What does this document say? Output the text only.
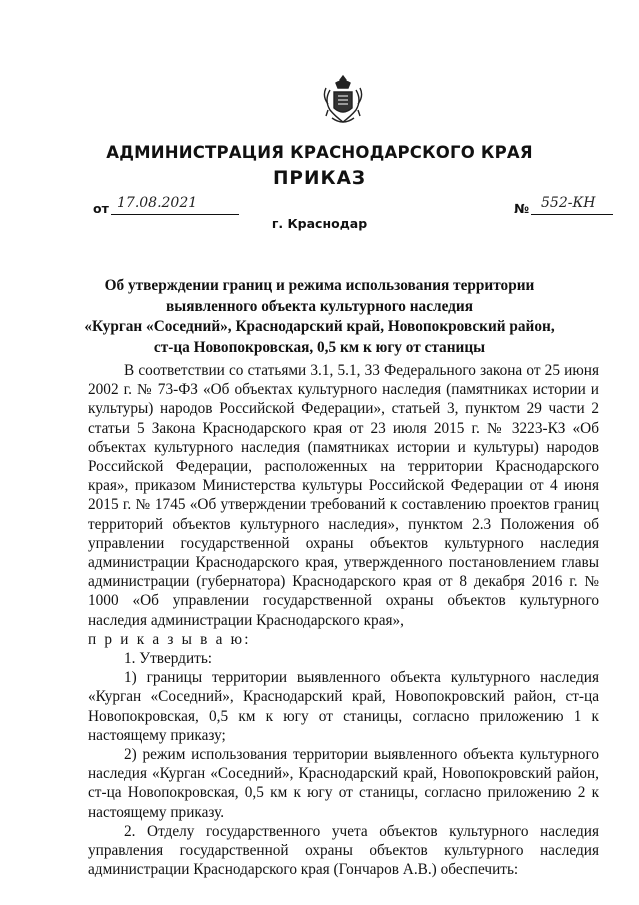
АДМИНИСТРАЦИЯ КРАСНОДАРСКОГО КРАЯ
ПРИКАЗ
от 17.08.2021	№ 552-КН
г. Краснодар
Об утверждении границ и режима использования территории
выявленного объекта культурного наследия
«Курган «Соседний», Краснодарский край, Новопокровский район,
ст-ца Новопокровская, 0,5 км к югу от станицы

В соответствии со статьями 3.1, 5.1, 33 Федерального закона от 25 июня 2002 г. № 73-ФЗ «Об объектах культурного наследия (памятниках истории и культуры) народов Российской Федерации», статьей 3, пунктом 29 части 2 статьи 5 Закона Краснодарского края от 23 июля 2015 г. № 3223-КЗ «Об объектах культурного наследия (памятниках истории и культуры) народов Российской Федерации, расположенных на территории Краснодарского края», приказом Министерства культуры Российской Федерации от 4 июня 2015 г. № 1745 «Об утверждении требований к составлению проектов границ территорий объектов культурного наследия», пунктом 2.3 Положения об управлении государственной охраны объектов культурного наследия администрации Краснодарского края, утвержденного постановлением главы администрации (губернатора) Краснодарского края от 8 декабря 2016 г. № 1000 «Об управлении государственной охраны объектов культурного наследия администрации Краснодарского края»,

п р и к а з ы в а ю:

1. Утвердить:

1) границы территории выявленного объекта культурного наследия «Курган «Соседний», Краснодарский край, Новопокровский район, ст-ца Новопокровская, 0,5 км к югу от станицы, согласно приложению 1 к настоящему приказу;

2) режим использования территории выявленного объекта культурного наследия «Курган «Соседний», Краснодарский край, Новопокровский район, ст-ца Новопокровская, 0,5 км к югу от станицы, согласно приложению 2 к настоящему приказу.

2. Отделу государственного учета объектов культурного наследия управления государственной охраны объектов культурного наследия администрации Краснодарского края (Гончаров А.В.) обеспечить:
